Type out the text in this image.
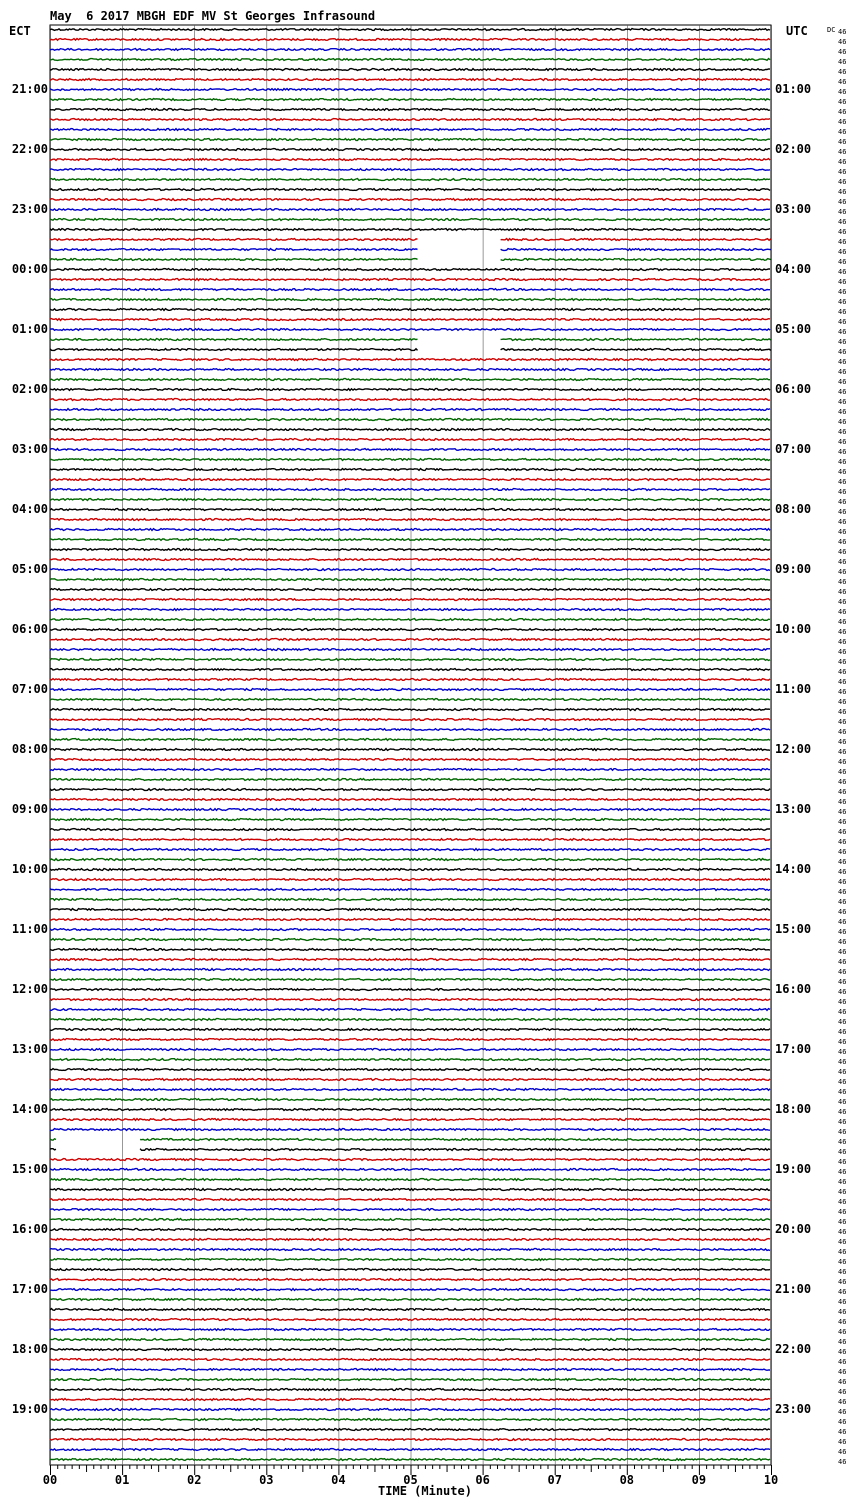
May  6 2017 MBGH EDF MV St Georges Infrasound
ECT	UTC
21:00
22:00
23:00
00:00
01:00
02:00
03:00
04:00
05:00
06:00
07:00
08:00
09:00
10:00
11:00
12:00
13:00
14:00
15:00
16:00
17:00
18:00
19:00
01:00
02:00
03:00
04:00
05:00
06:00
07:00
08:00
09:00
10:00
11:00
12:00
13:00
14:00
15:00
16:00
17:00
18:00
19:00
20:00
21:00
22:00
23:00
DC 46
46
46
46
46
46
46
46
46
46
46
46
46
46
46
46
46
46
46
46
46
46
46
46
46
46
46
46
46
46
46
46
46
46
46
46
46
46
46
46
46
46
46
46
46
46
46
46
46
46
46
46
46
46
46
46
46
46
46
46
46
46
46
46
46
46
46
46
46
46
46
46
46
46
46
46
46
46
46
46
46
46
46
46
46
46
46
46
46
46
46
46
46
46
46
46
46
46
46
46
46
46
46
46
46
46
46
46
46
46
46
46
46
46
46
46
46
46
46
46
46
46
46
46
46
46
46
46
46
46
46
46
46
46
46
46
46
46
46
46
46
46
46
46
00	01	02	03	04	05	06	07	08	09	10
TIME (Minute)
